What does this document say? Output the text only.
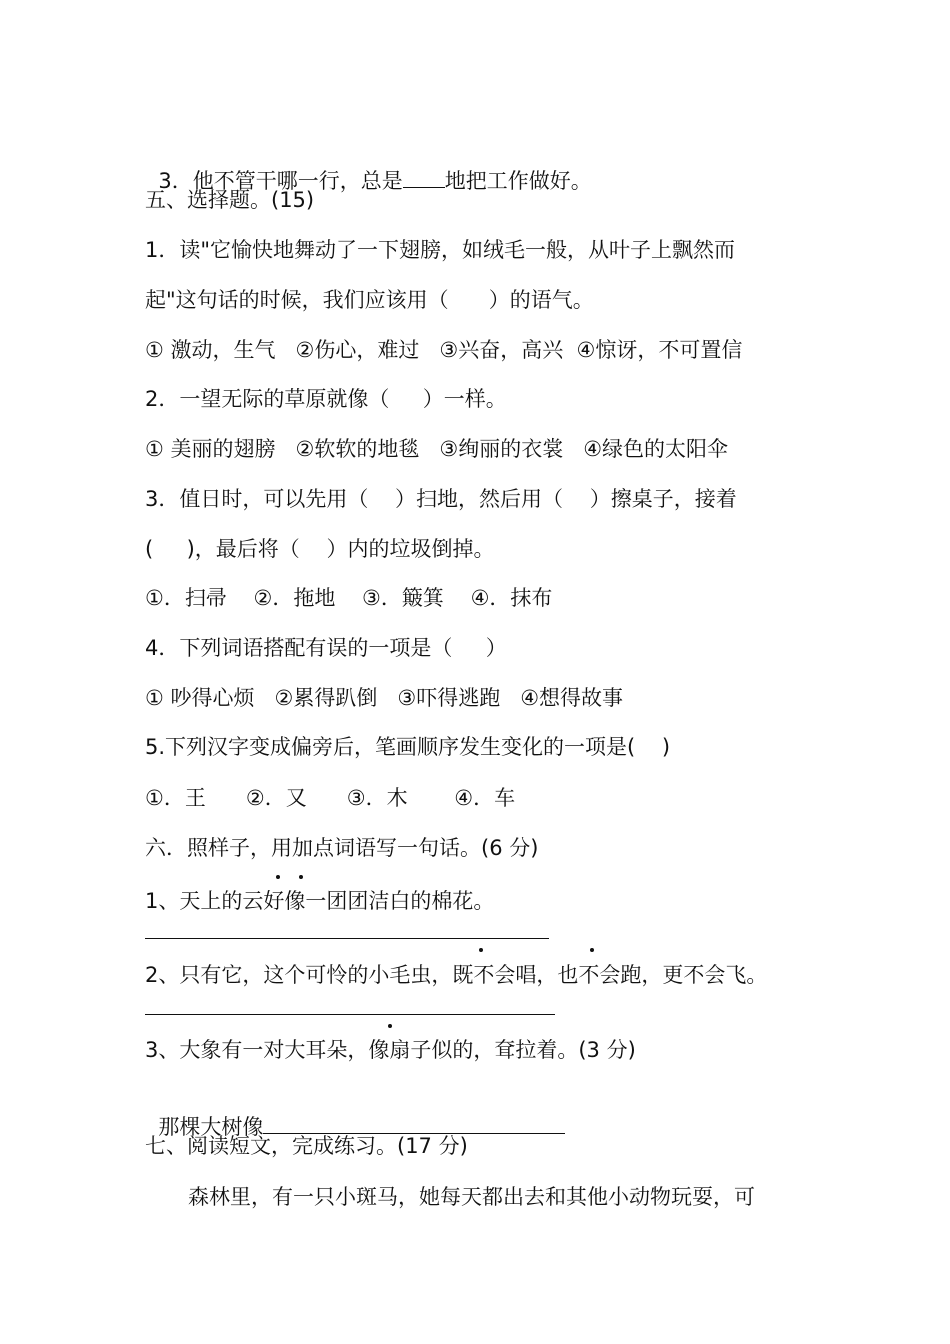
3．他不管干哪一行，总是 地把工作做好。

五、选择题。(15)
1．读"它愉快地舞动了一下翅膀，如绒毛一般，从叶子上飘然而
起"这句话的时候，我们应该用（      ）的语气。
① 激动，生气   ②伤心，难过   ③兴奋，高兴  ④惊讶，不可置信
2．一望无际的草原就像（     ）一样。
① 美丽的翅膀   ②软软的地毯   ③绚丽的衣裳   ④绿色的太阳伞
3．值日时，可以先用（    ）扫地，然后用（    ）擦桌子，接着
(     )，最后将（    ）内的垃圾倒掉。
①．扫帚    ②．拖地    ③．簸箕    ④．抹布
4．下列词语搭配有误的一项是（     ）
① 吵得心烦   ②累得趴倒   ③吓得逃跑   ④想得故事
5.下列汉字变成偏旁后，笔画顺序发生变化的一项是(    )
①．王      ②．又      ③．木       ④．车
六．照样子，用加点词语写一句话。(6 分)
1、天上的云好像一团团洁白的棉花。
2、只有它，这个可怜的小毛虫，既不会唱，也不会跑，更不会飞。
3、大象有一对大耳朵，像扇子似的，耷拉着。(3 分)

那棵大树像

七、阅读短文，完成练习。(17 分)
森林里，有一只小斑马，她每天都出去和其他小动物玩耍，可
